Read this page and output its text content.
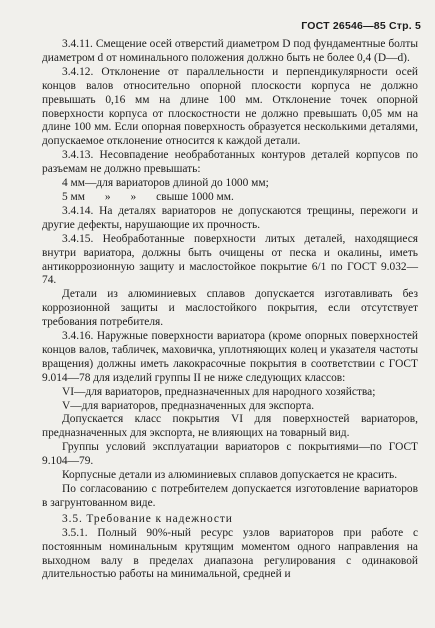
ГОСТ 26546—85 Стр. 5

3.4.11. Смещение осей отверстий диаметром D под фундаментные болты диаметром d от номинального положения должно быть не более 0,4 (D—d).

3.4.12. Отклонение от параллельности и перпендикулярности осей концов валов относительно опорной плоскости корпуса не должно превышать 0,16 мм на длине 100 мм. Отклонение точек опорной поверхности корпуса от плоскостности не должно превышать 0,05 мм на длине 100 мм. Если опорная поверхность образуется несколькими деталями, допускаемое отклонение относится к каждой детали.

3.4.13. Несовпадение необработанных контуров деталей корпусов по разъемам не должно превышать:

4 мм—для вариаторов длиной до 1000 мм;

5 мм       »       »       свыше 1000 мм.

3.4.14. На деталях вариаторов не допускаются трещины, пережоги и другие дефекты, нарушающие их прочность.

3.4.15. Необработанные поверхности литых деталей, находящиеся внутри вариатора, должны быть очищены от песка и окалины, иметь антикоррозионную защиту и маслостойкое покрытие 6/1 по ГОСТ 9.032—74.

Детали из алюминиевых сплавов допускается изготавливать без коррозионной защиты и маслостойкого покрытия, если отсутствует требования потребителя.

3.4.16. Наружные поверхности вариатора (кроме опорных поверхностей концов валов, табличек, маховичка, уплотняющих колец и указателя частоты вращения) должны иметь лакокрасочные покрытия в соответствии с ГОСТ 9.014—78 для изделий группы II не ниже следующих классов:

VI—для вариаторов, предназначенных для народного хозяйства;

V—для вариаторов, предназначенных для экспорта.

Допускается класс покрытия VI для поверхностей вариаторов, предназначенных для экспорта, не влияющих на товарный вид.

Группы условий эксплуатации вариаторов с покрытиями—по ГОСТ 9.104—79.

Корпусные детали из алюминиевых сплавов допускается не красить.

По согласованию с потребителем допускается изготовление вариаторов в загрунтованном виде.

3.5. Требование к надежности

3.5.1. Полный 90%-ный ресурс узлов вариаторов при работе с постоянным номинальным крутящим моментом одного направления на выходном валу в пределах диапазона регулирования с одинаковой длительностью работы на минимальной, средней и
